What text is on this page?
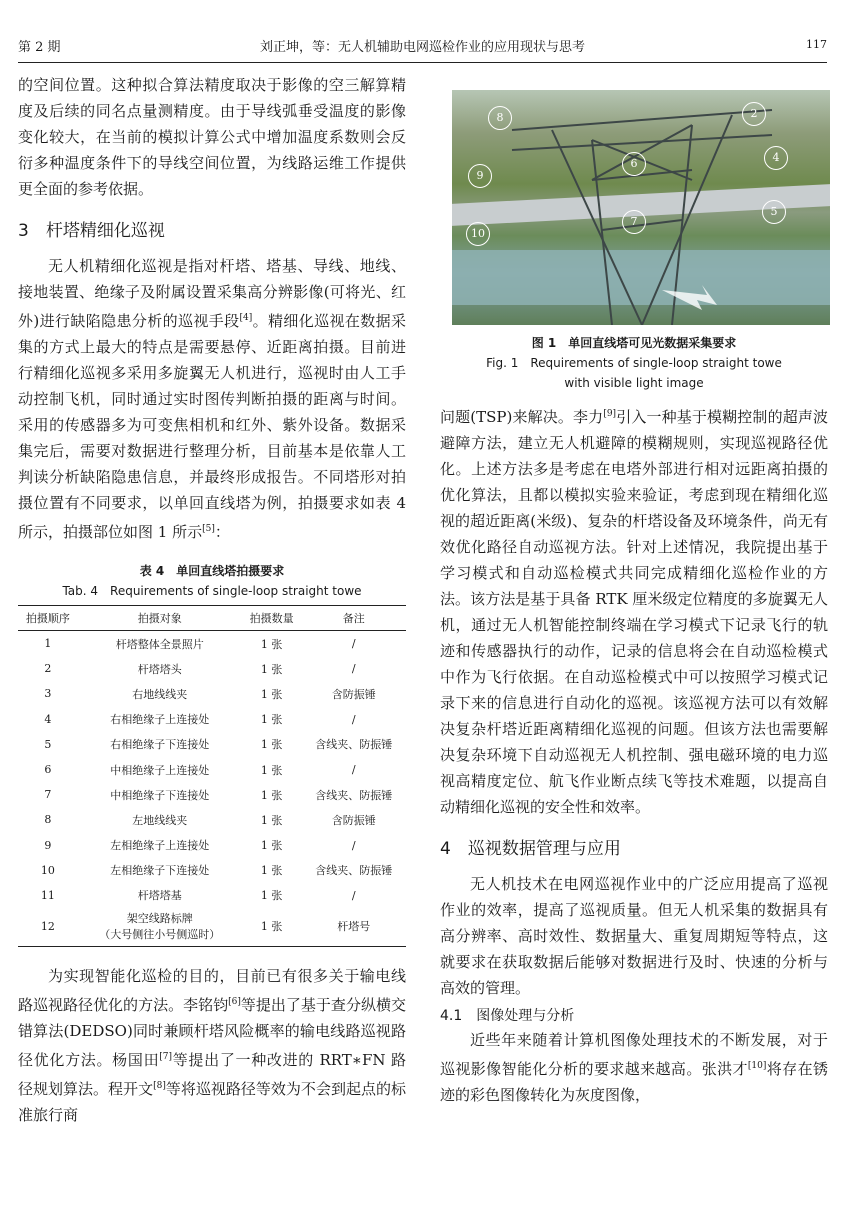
第 2 期	刘正坤，等：无人机辅助电网巡检作业的应用现状与思考	117

的空间位置。这种拟合算法精度取决于影像的空三解算精度及后续的同名点量测精度。由于导线弧垂受温度的影像变化较大，在当前的模拟计算公式中增加温度系数则会反衍多种温度条件下的导线空间位置，为线路运维工作提供更全面的参考依据。

3　杆塔精细化巡视

无人机精细化巡视是指对杆塔、塔基、导线、地线、接地装置、绝缘子及附属设置采集高分辨影像(可将光、红外)进行缺陷隐患分析的巡视手段[4]。精细化巡视在数据采集的方式上最大的特点是需要悬停、近距离拍摄。目前进行精细化巡视多采用多旋翼无人机进行，巡视时由人工手动控制飞机，同时通过实时图传判断拍摄的距离与时间。采用的传感器多为可变焦相机和红外、紫外设备。数据采集完后，需要对数据进行整理分析，目前基本是依靠人工判读分析缺陷隐患信息，并最终形成报告。不同塔形对拍摄位置有不同要求，以单回直线塔为例，拍摄要求如表 4 所示，拍摄部位如图 1 所示[5]：

表 4　单回直线塔拍摄要求
Tab. 4　Requirements of single-loop straight towe
拍摄顺序	拍摄对象	拍摄数量	备注
1	杆塔整体全景照片	1 张	/
2	杆塔塔头	1 张	/
3	右地线线夹	1 张	含防振锤
4	右相绝缘子上连接处	1 张	/
5	右相绝缘子下连接处	1 张	含线夹、防振锤
6	中相绝缘子上连接处	1 张	/
7	中相绝缘子下连接处	1 张	含线夹、防振锤
8	左地线线夹	1 张	含防振锤
9	左相绝缘子上连接处	1 张	/
10	左相绝缘子下连接处	1 张	含线夹、防振锤
11	杆塔塔基	1 张	/
12	架空线路标牌
（大号侧往小号侧巡时）	1 张	杆塔号

为实现智能化巡检的目的，目前已有很多关于输电线路巡视路径优化的方法。李铭钧[6]等提出了基于查分纵横交错算法(DEDSO)同时兼顾杆塔风险概率的输电线路巡视路径优化方法。杨国田[7]等提出了一种改进的 RRT∗FN 路径规划算法。程开文[8]等将巡视路径等效为不会到起点的标准旅行商

8	2
6	4
9
5
7
10
图 1　单回直线塔可见光数据采集要求
Fig. 1　Requirements of single-loop straight towe
with visible light image

问题(TSP)来解决。李力[9]引入一种基于模糊控制的超声波避障方法，建立无人机避障的模糊规则，实现巡视路径优化。上述方法多是考虑在电塔外部进行相对远距离拍摄的优化算法，且都以模拟实验来验证，考虑到现在精细化巡视的超近距离(米级)、复杂的杆塔设备及环境条件，尚无有效优化路径自动巡视方法。针对上述情况，我院提出基于学习模式和自动巡检模式共同完成精细化巡检作业的方法。该方法是基于具备 RTK 厘米级定位精度的多旋翼无人机，通过无人机智能控制终端在学习模式下记录飞行的轨迹和传感器执行的动作，记录的信息将会在自动巡检模式中作为飞行依据。在自动巡检模式中可以按照学习模式记录下来的信息进行自动化的巡视。该巡视方法可以有效解决复杂杆塔近距离精细化巡视的问题。但该方法也需要解决复杂环境下自动巡视无人机控制、强电磁环境的电力巡视高精度定位、航飞作业断点续飞等技术难题，以提高自动精细化巡视的安全性和效率。

4　巡视数据管理与应用

无人机技术在电网巡视作业中的广泛应用提高了巡视作业的效率，提高了巡视质量。但无人机采集的数据具有高分辨率、高时效性、数据量大、重复周期短等特点，这就要求在获取数据后能够对数据进行及时、快速的分析与高效的管理。

4.1　图像处理与分析

近些年来随着计算机图像处理技术的不断发展，对于巡视影像智能化分析的要求越来越高。张洪才[10]将存在锈迹的彩色图像转化为灰度图像，
